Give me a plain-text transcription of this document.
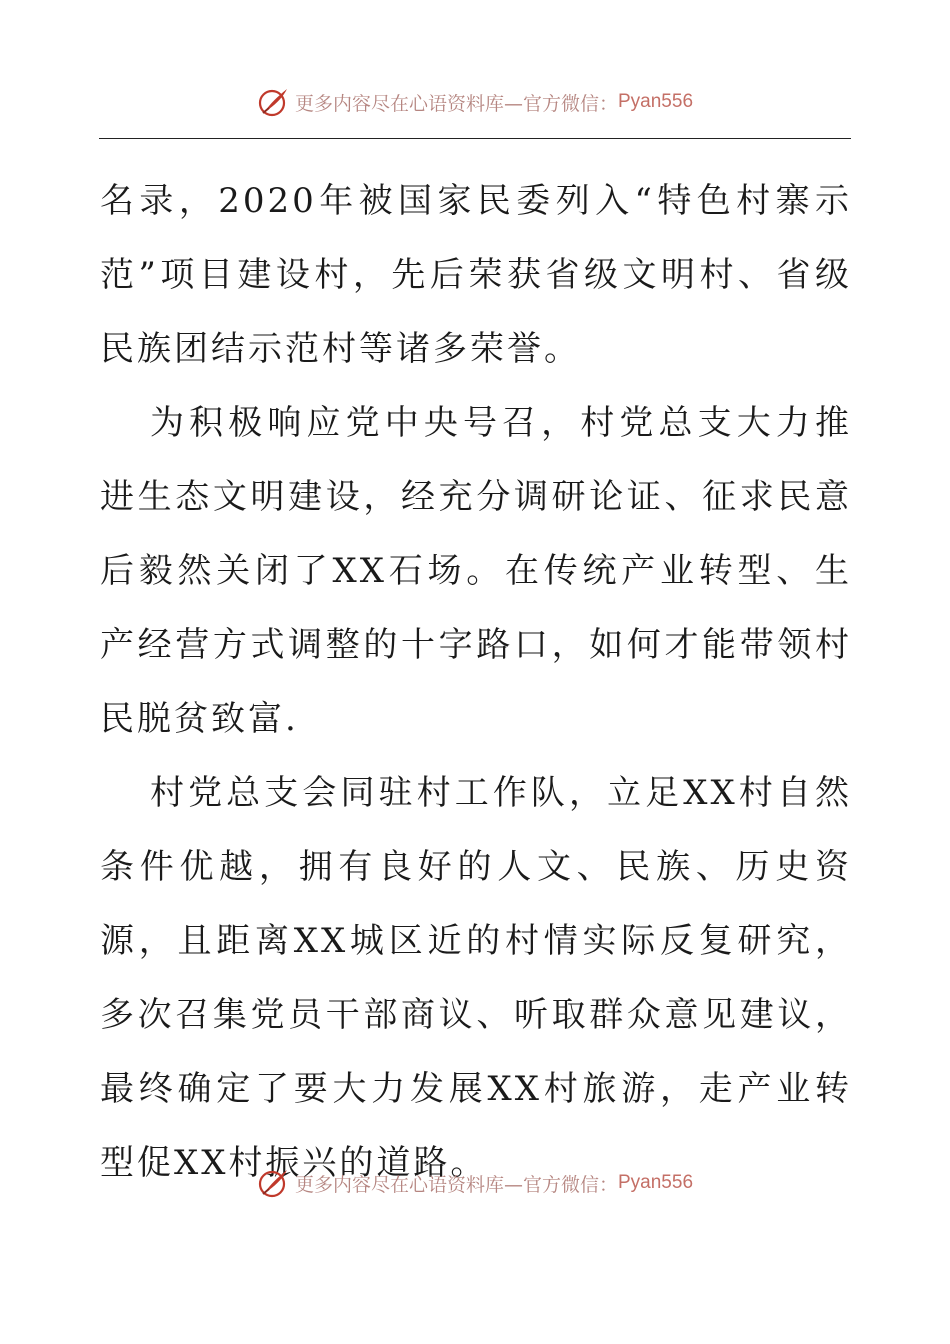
更多内容尽在心语资料库—官方微信： Pyan556

名录，2020年被国家民委列入“特色村寨示范”项目建设村，先后荣获省级文明村、省级民族团结示范村等诸多荣誉。

为积极响应党中央号召，村党总支大力推进生态文明建设，经充分调研论证、征求民意后毅然关闭了XX石场。在传统产业转型、生产经营方式调整的十字路口，如何才能带领村民脱贫致富.

村党总支会同驻村工作队，立足XX村自然条件优越，拥有良好的人文、民族、历史资源，且距离XX城区近的村情实际反复研究，多次召集党员干部商议、听取群众意见建议，最终确定了要大力发展XX村旅游，走产业转型促XX村振兴的道路。

更多内容尽在心语资料库—官方微信： Pyan556
